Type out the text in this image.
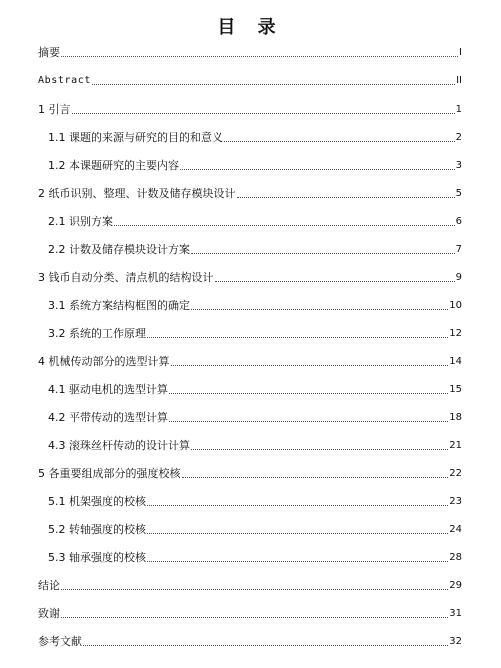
目 录
摘要	I
Abstract	II
1 引言	1
1.1 课题的来源与研究的目的和意义	2
1.2 本课题研究的主要内容	3
2 纸币识别、整理、计数及储存模块设计	5
2.1 识别方案	6
2.2 计数及储存模块设计方案	7
3 钱币自动分类、清点机的结构设计	9
3.1 系统方案结构框图的确定	10
3.2 系统的工作原理	12
4 机械传动部分的选型计算	14
4.1 驱动电机的选型计算	15
4.2 平带传动的选型计算	18
4.3 滚珠丝杆传动的设计计算	21
5 各重要组成部分的强度校核	22
5.1 机架强度的校核	23
5.2 转轴强度的校核	24
5.3 轴承强度的校核	28
结论	29
致谢	31
参考文献	32
